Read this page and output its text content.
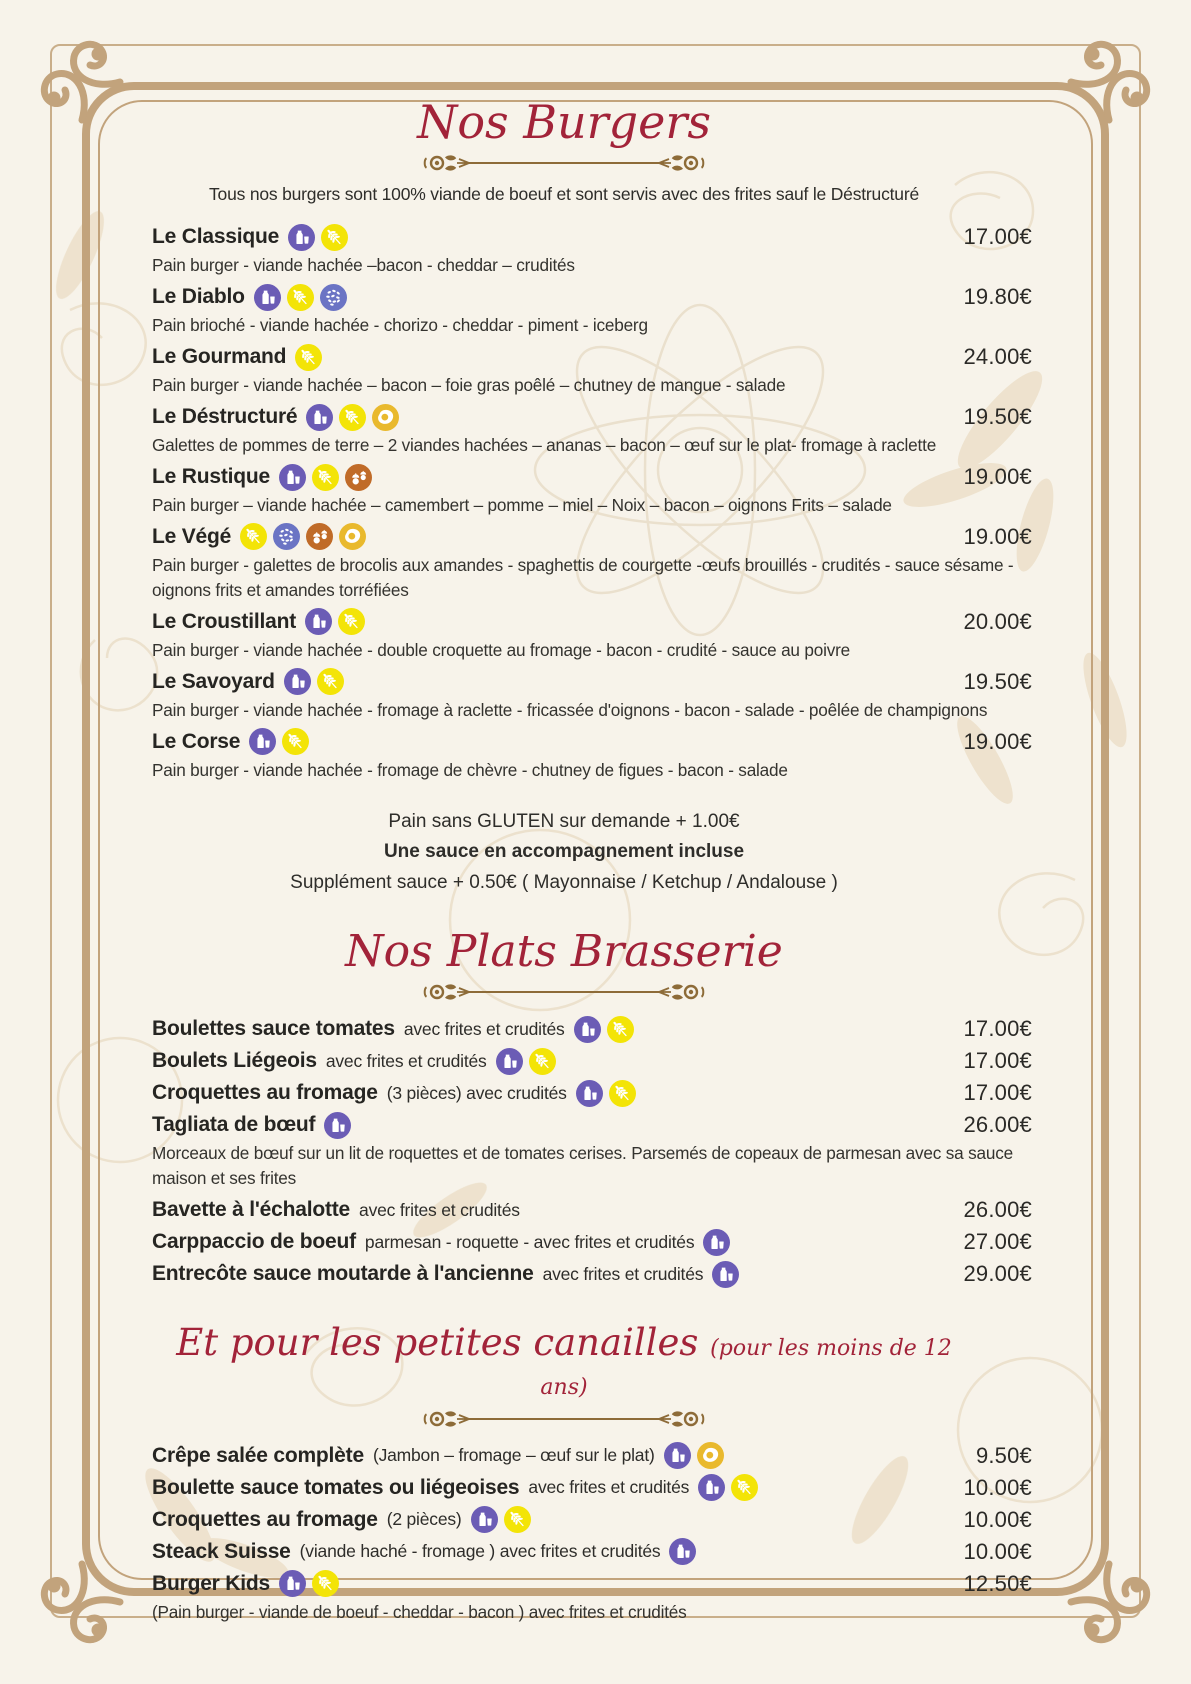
Nos Burgers
Tous nos burgers sont 100% viande de boeuf et sont servis avec des frites sauf le Déstructuré
Le Classique	17.00€
Pain burger - viande hachée –bacon - cheddar – crudités
Le Diablo	19.80€
Pain brioché - viande hachée - chorizo - cheddar - piment - iceberg
Le Gourmand	24.00€
Pain burger - viande hachée – bacon – foie gras poêlé – chutney de mangue - salade
Le Déstructuré	19.50€
Galettes de pommes de terre – 2 viandes hachées – ananas – bacon – œuf sur le plat- fromage à raclette
Le Rustique	19.00€
Pain burger – viande hachée – camembert – pomme – miel – Noix – bacon – oignons Frits – salade
Le Végé	19.00€
Pain burger - galettes de brocolis aux amandes - spaghettis de courgette -œufs brouillés - crudités - sauce sésame - oignons frits et amandes torréfiées
Le Croustillant	20.00€
Pain burger - viande hachée - double croquette au fromage - bacon - crudité - sauce au poivre
Le Savoyard	19.50€
Pain burger - viande hachée - fromage à raclette - fricassée d'oignons - bacon - salade - poêlée de champignons
Le Corse	19.00€
Pain burger - viande hachée - fromage de chèvre - chutney de figues - bacon - salade
Pain sans GLUTEN sur demande + 1.00€
Une sauce en accompagnement incluse
Supplément sauce + 0.50€ ( Mayonnaise / Ketchup / Andalouse )
Nos Plats Brasserie
Boulettes sauce tomates avec frites et crudités	17.00€
Boulets Liégeois avec frites et crudités	17.00€
Croquettes au fromage (3 pièces) avec crudités	17.00€
Tagliata de bœuf	26.00€
Morceaux de bœuf sur un lit de roquettes et de tomates cerises. Parsemés de copeaux de parmesan avec sa sauce maison et ses frites
Bavette à l'échalotte avec frites et crudités	26.00€
Carppaccio de boeuf parmesan - roquette - avec frites et crudités	27.00€
Entrecôte sauce moutarde à l'ancienne avec frites et crudités	29.00€
Et pour les petites canailles (pour les moins de 12 ans)
Crêpe salée complète (Jambon – fromage – œuf sur le plat)	9.50€
Boulette sauce tomates ou liégeoises avec frites et crudités	10.00€
Croquettes au fromage (2 pièces)	10.00€
Steack Suisse (viande haché - fromage ) avec frites et crudités	10.00€
Burger Kids	12.50€
(Pain burger - viande de boeuf - cheddar - bacon ) avec frites et crudités
